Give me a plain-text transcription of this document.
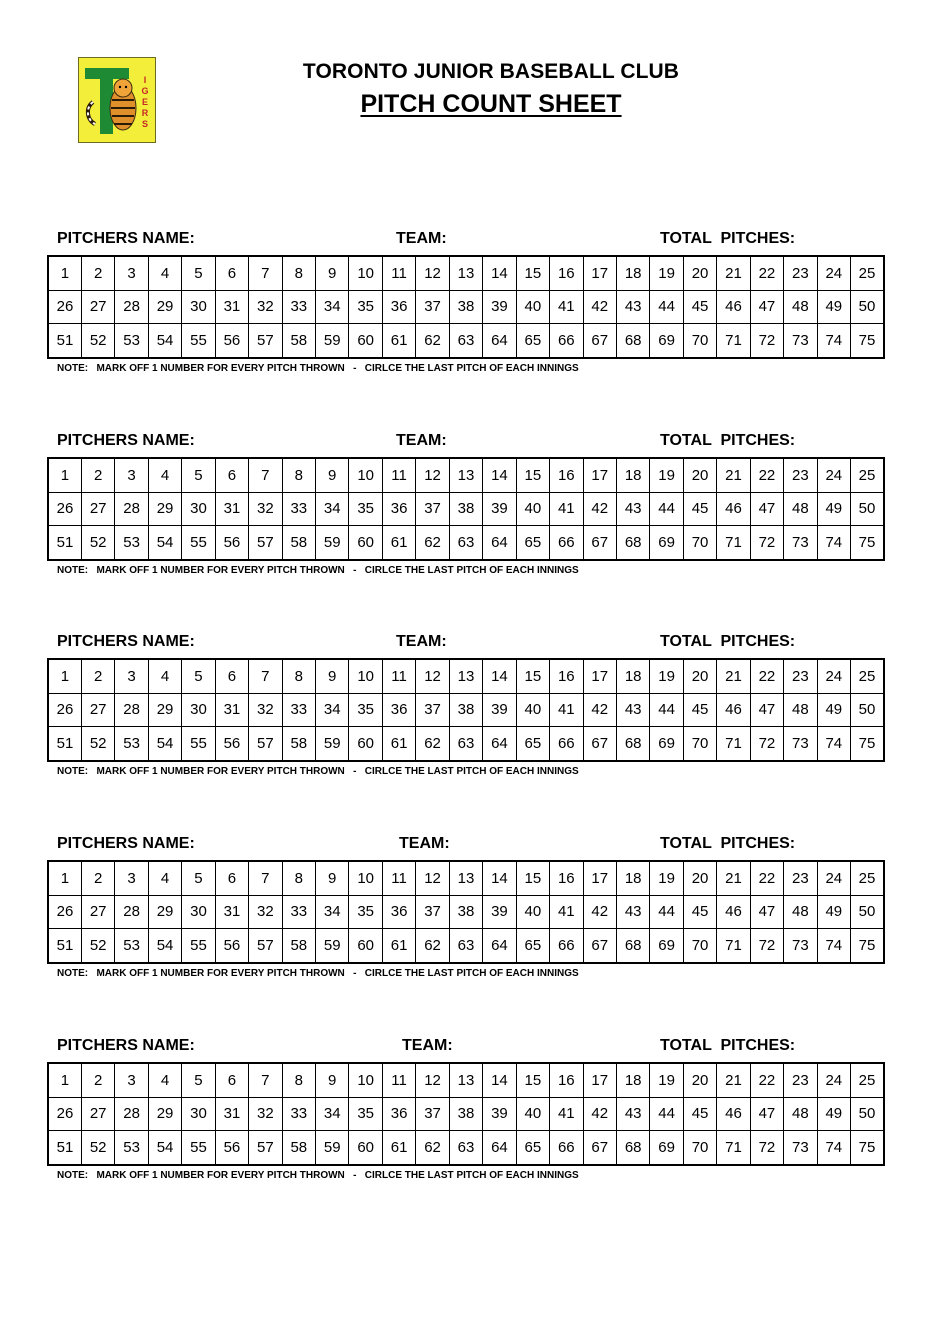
I
G
E
R
S
TORONTO JUNIOR BASEBALL CLUB
PITCH COUNT SHEET
PITCHERS NAME:	TEAM:	TOTAL  PITCHES:
1	2	3	4	5	6	7	8	9	10	11	12	13	14	15	16	17	18	19	20	21	22	23	24	25
26	27	28	29	30	31	32	33	34	35	36	37	38	39	40	41	42	43	44	45	46	47	48	49	50
51	52	53	54	55	56	57	58	59	60	61	62	63	64	65	66	67	68	69	70	71	72	73	74	75
NOTE:   MARK OFF 1 NUMBER FOR EVERY PITCH THROWN   -   CIRLCE THE LAST PITCH OF EACH INNINGS
PITCHERS NAME:	TEAM:	TOTAL  PITCHES:
1	2	3	4	5	6	7	8	9	10	11	12	13	14	15	16	17	18	19	20	21	22	23	24	25
26	27	28	29	30	31	32	33	34	35	36	37	38	39	40	41	42	43	44	45	46	47	48	49	50
51	52	53	54	55	56	57	58	59	60	61	62	63	64	65	66	67	68	69	70	71	72	73	74	75
NOTE:   MARK OFF 1 NUMBER FOR EVERY PITCH THROWN   -   CIRLCE THE LAST PITCH OF EACH INNINGS
PITCHERS NAME:	TEAM:	TOTAL  PITCHES:
1	2	3	4	5	6	7	8	9	10	11	12	13	14	15	16	17	18	19	20	21	22	23	24	25
26	27	28	29	30	31	32	33	34	35	36	37	38	39	40	41	42	43	44	45	46	47	48	49	50
51	52	53	54	55	56	57	58	59	60	61	62	63	64	65	66	67	68	69	70	71	72	73	74	75
NOTE:   MARK OFF 1 NUMBER FOR EVERY PITCH THROWN   -   CIRLCE THE LAST PITCH OF EACH INNINGS
PITCHERS NAME:	TEAM:	TOTAL  PITCHES:
1	2	3	4	5	6	7	8	9	10	11	12	13	14	15	16	17	18	19	20	21	22	23	24	25
26	27	28	29	30	31	32	33	34	35	36	37	38	39	40	41	42	43	44	45	46	47	48	49	50
51	52	53	54	55	56	57	58	59	60	61	62	63	64	65	66	67	68	69	70	71	72	73	74	75
NOTE:   MARK OFF 1 NUMBER FOR EVERY PITCH THROWN   -   CIRLCE THE LAST PITCH OF EACH INNINGS
PITCHERS NAME:	TEAM:	TOTAL  PITCHES:
1	2	3	4	5	6	7	8	9	10	11	12	13	14	15	16	17	18	19	20	21	22	23	24	25
26	27	28	29	30	31	32	33	34	35	36	37	38	39	40	41	42	43	44	45	46	47	48	49	50
51	52	53	54	55	56	57	58	59	60	61	62	63	64	65	66	67	68	69	70	71	72	73	74	75
NOTE:   MARK OFF 1 NUMBER FOR EVERY PITCH THROWN   -   CIRLCE THE LAST PITCH OF EACH INNINGS
